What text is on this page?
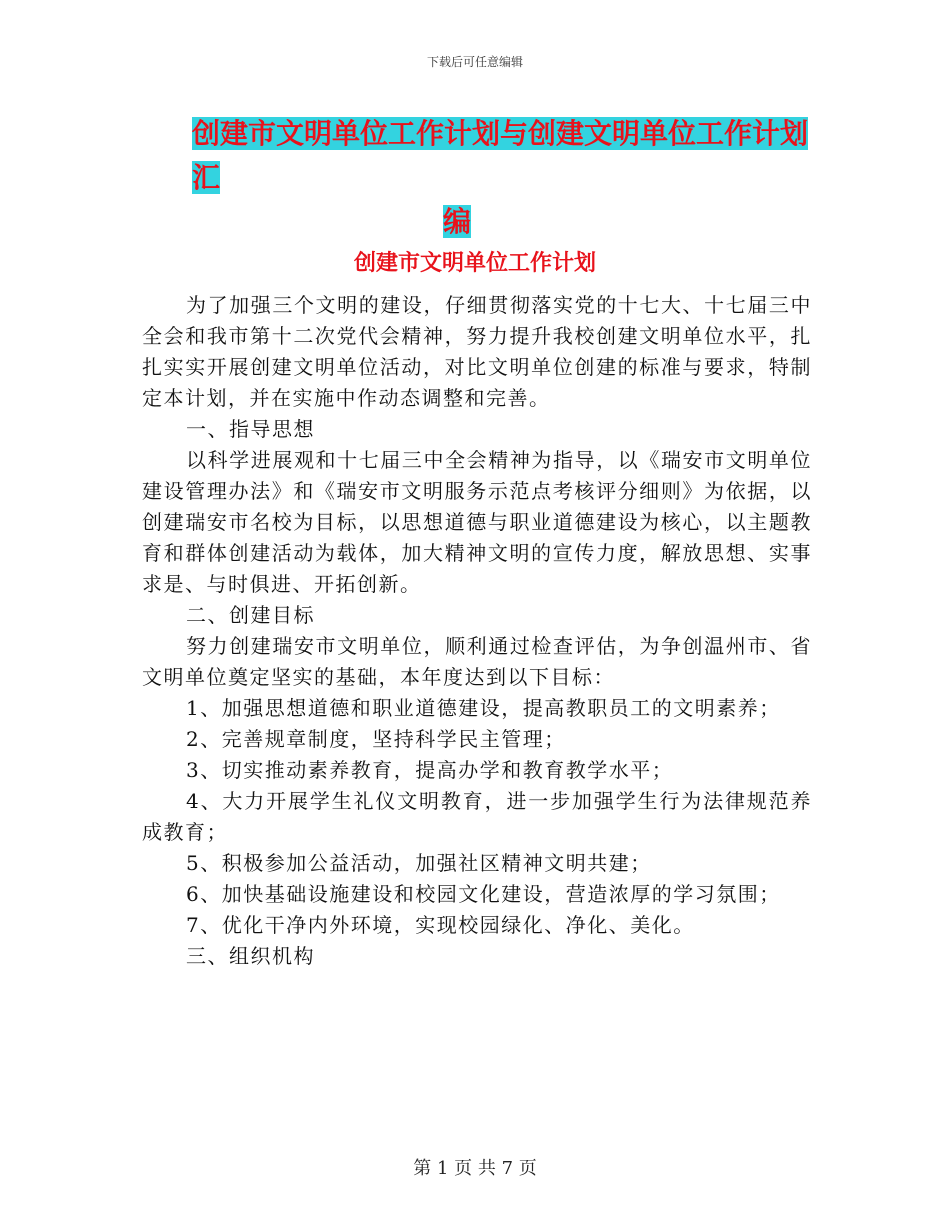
下载后可任意编辑
创建市文明单位工作计划与创建文明单位工作计划汇
编
创建市文明单位工作计划

为了加强三个文明的建设，仔细贯彻落实党的十七大、十七届三中全会和我市第十二次党代会精神，努力提升我校创建文明单位水平，扎扎实实开展创建文明单位活动，对比文明单位创建的标准与要求，特制定本计划，并在实施中作动态调整和完善。

一、指导思想

以科学进展观和十七届三中全会精神为指导，以《瑞安市文明单位建设管理办法》和《瑞安市文明服务示范点考核评分细则》为依据，以创建瑞安市名校为目标，以思想道德与职业道德建设为核心，以主题教育和群体创建活动为载体，加大精神文明的宣传力度，解放思想、实事求是、与时俱进、开拓创新。

二、创建目标

努力创建瑞安市文明单位，顺利通过检查评估，为争创温州市、省文明单位奠定坚实的基础，本年度达到以下目标：

1、加强思想道德和职业道德建设，提高教职员工的文明素养；

2、完善规章制度，坚持科学民主管理；

3、切实推动素养教育，提高办学和教育教学水平；

4、大力开展学生礼仪文明教育，进一步加强学生行为法律规范养成教育；

5、积极参加公益活动，加强社区精神文明共建；

6、加快基础设施建设和校园文化建设，营造浓厚的学习氛围；

7、优化干净内外环境，实现校园绿化、净化、美化。

三、组织机构

第 1 页 共 7 页
